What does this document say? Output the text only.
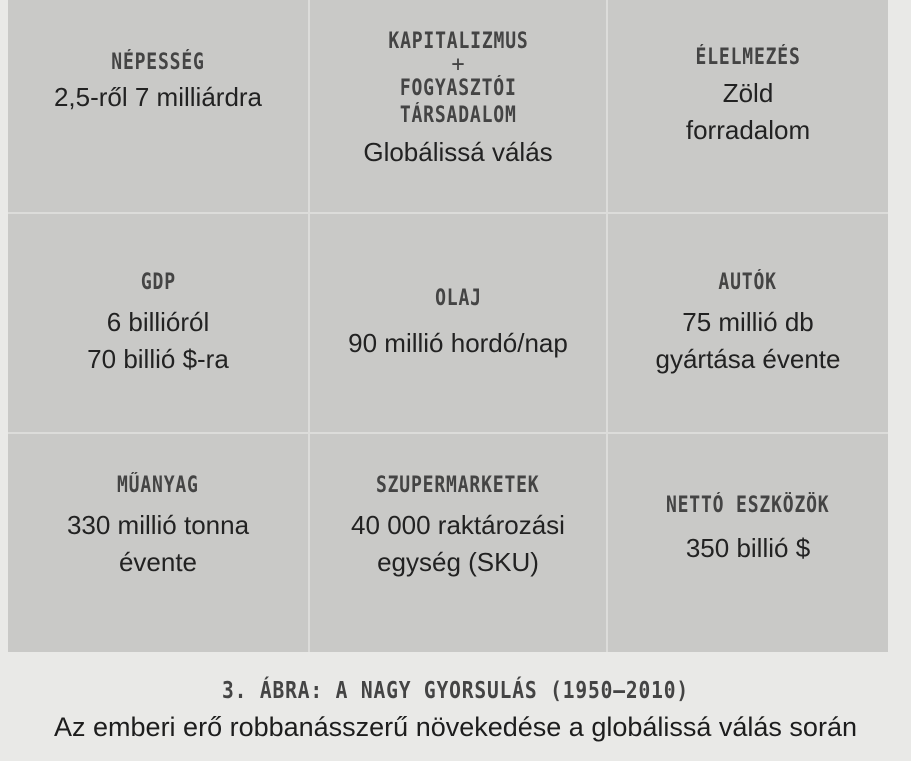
NÉPESSÉG
2,5-ről 7 milliárdra
KAPITALIZMUS
+
FOGYASZTÓI
TÁRSADALOM
Globálissá válás
ÉLELMEZÉS
Zöld
forradalom
GDP
6 billióról
70 billió $-ra
OLAJ
90 millió hordó/nap
AUTÓK
75 millió db
gyártása évente
MŰANYAG
330 millió tonna
évente
SZUPERMARKETEK
40 000 raktározási
egység (SKU)
NETTÓ ESZKÖZÖK
350 billió $
3. ÁBRA: A NAGY GYORSULÁS (1950–2010)
Az emberi erő robbanásszerű növekedése a globálissá válás során
